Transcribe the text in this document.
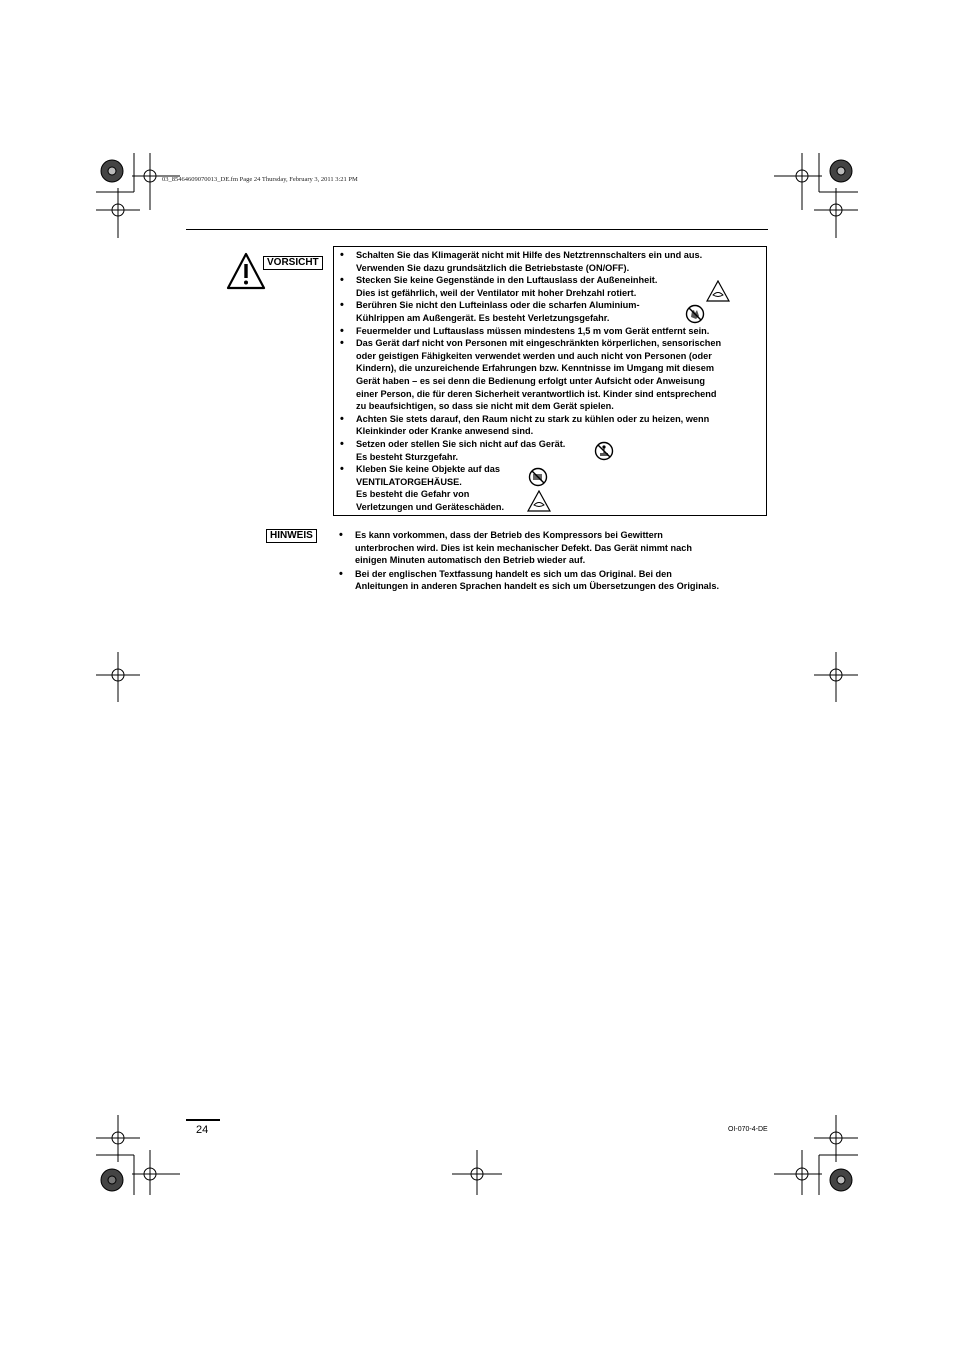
03_85464609070013_DE.fm Page 24 Thursday, February 3, 2011 3:21 PM
VORSICHT
• Schalten Sie das Klimagerät nicht mit Hilfe des Netztrennschalters ein und aus.
Verwenden Sie dazu grundsätzlich die Betriebstaste (ON/OFF).
• Stecken Sie keine Gegenstände in den Luftauslass der Außeneinheit.
Dies ist gefährlich, weil der Ventilator mit hoher Drehzahl rotiert.
• Berühren Sie nicht den Lufteinlass oder die scharfen Aluminium-
Kühlrippen am Außengerät. Es besteht Verletzungsgefahr.
• Feuermelder und Luftauslass müssen mindestens 1,5 m vom Gerät entfernt sein.
• Das Gerät darf nicht von Personen mit eingeschränkten körperlichen, sensorischen
oder geistigen Fähigkeiten verwendet werden und auch nicht von Personen (oder
Kindern), die unzureichende Erfahrungen bzw. Kenntnisse im Umgang mit diesem
Gerät haben – es sei denn die Bedienung erfolgt unter Aufsicht oder Anweisung
einer Person, die für deren Sicherheit verantwortlich ist. Kinder sind entsprechend
zu beaufsichtigen, so dass sie nicht mit dem Gerät spielen.
• Achten Sie stets darauf, den Raum nicht zu stark zu kühlen oder zu heizen, wenn
Kleinkinder oder Kranke anwesend sind.
• Setzen oder stellen Sie sich nicht auf das Gerät.
Es besteht Sturzgefahr.
• Kleben Sie keine Objekte auf das
VENTILATORGEHÄUSE.
Es besteht die Gefahr von
Verletzungen und Geräteschäden.
HINWEIS
•	Es kann vorkommen, dass der Betrieb des Kompressors bei Gewittern
unterbrochen wird. Dies ist kein mechanischer Defekt. Das Gerät nimmt nach
einigen Minuten automatisch den Betrieb wieder auf.
• Bei der englischen Textfassung handelt es sich um das Original. Bei den
Anleitungen in anderen Sprachen handelt es sich um Übersetzungen des Originals.
24	OI-070-4-DE
